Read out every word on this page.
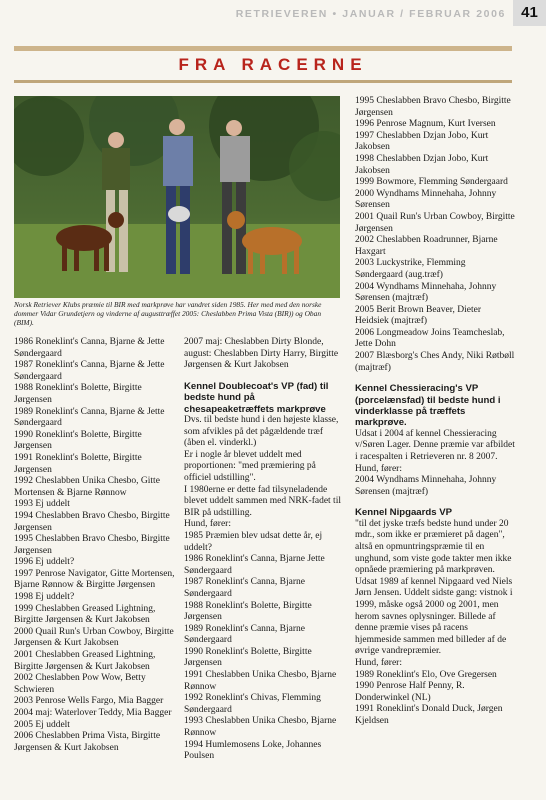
RETRIEVEREN • JANUAR / FEBRUAR 2006	41
FRA RACERNE
Norsk Retriever Klubs præmie til BIR med markprøve har vandret siden 1985. Her med med den norske dommer Vidar Grundetjern og vinderne af augusttræffet 2005: Cheslabben Prima Vista (BIR)) og Oban (BIM).

1986 Roneklint's Canna, Bjarne & Jette Søndergaard

1987 Roneklint's Canna, Bjarne & Jette Søndergaard

1988 Roneklint's Bolette, Birgitte Jørgensen

1989 Roneklint's Canna, Bjarne & Jette Søndergaard

1990 Roneklint's Bolette, Birgitte Jørgensen

1991 Roneklint's Bolette, Birgitte Jørgensen

1992 Cheslabben Unika Chesbo, Gitte Mortensen & Bjarne Rønnow

1993 Ej uddelt

1994 Cheslabben Bravo Chesbo, Birgitte Jørgensen

1995 Cheslabben Bravo Chesbo, Birgitte Jørgensen

1996 Ej uddelt?

1997 Penrose Navigator, Gitte Mortensen, Bjarne Rønnow & Birgitte Jørgensen

1998 Ej uddelt?

1999 Cheslabben Greased Lightning, Birgitte Jørgensen & Kurt Jakobsen

2000 Quail Run's Urban Cowboy, Birgitte Jørgensen & Kurt Jakobsen

2001 Cheslabben Greased Lightning, Birgitte Jørgensen & Kurt Jakobsen

2002 Cheslabben Pow Wow, Betty Schwieren

2003 Penrose Wells Fargo, Mia Bagger

2004 maj: Waterlover Teddy, Mia Bagger

2005 Ej uddelt

2006 Cheslabben Prima Vista, Birgitte Jørgensen & Kurt Jakobsen

2007 maj: Cheslabben Dirty Blonde, august: Cheslabben Dirty Harry, Birgitte Jørgensen & Kurt Jakobsen

Kennel Doublecoat's VP (fad) til bedste hund på chesapeaketræffets markprøve

Dvs. til bedste hund i den højeste klasse, som afvikles på det pågældende træf (åben el. vinderkl.)

Er i nogle år blevet uddelt med proportionen: "med præmiering på officiel udstilling".

I 1980erne er dette fad tilsyneladende blevet uddelt sammen med NRK-fadet til BIR på udstilling.

Hund, fører:

1985 Præmien blev udsat dette år, ej uddelt?

1986 Roneklint's Canna, Bjarne Jette Søndergaard

1987 Roneklint's Canna, Bjarne Søndergaard

1988 Roneklint's Bolette, Birgitte Jørgensen

1989 Roneklint's Canna, Bjarne Søndergaard

1990 Roneklint's Bolette, Birgitte Jørgensen

1991 Cheslabben Unika Chesbo, Bjarne Rønnow

1992 Roneklint's Chivas, Flemming Søndergaard

1993 Cheslabben Unika Chesbo, Bjarne Rønnow

1994 Humlemosens Loke, Johannes Poulsen

1995 Cheslabben Bravo Chesbo, Birgitte Jørgensen

1996 Penrose Magnum, Kurt Iversen

1997 Cheslabben Dzjan Jobo, Kurt Jakobsen

1998 Cheslabben Dzjan Jobo, Kurt Jakobsen

1999 Bowmore, Flemming Søndergaard

2000 Wyndhams Minnehaha, Johnny Sørensen

2001 Quail Run's Urban Cowboy, Birgitte Jørgensen

2002 Cheslabben Roadrunner, Bjarne Haxgart

2003 Luckystrike, Flemming Søndergaard (aug.træf)

2004 Wyndhams Minnehaha, Johnny Sørensen (majtræf)

2005 Berit Brown Beaver, Dieter Heidsiek (majtræf)

2006 Longmeadow Joins Teamcheslab, Jette Dohn

2007 Blæsborg's Ches Andy, Niki Røtbøll (majtræf)

Kennel Chessieracing's VP (porcelænsfad) til bedste hund i vinderklasse på træffets markprøve.

Udsat i 2004 af kennel Chessieracing v/Søren Lager. Denne præmie var afbildet i racespalten i Retrieveren nr. 8 2007.

Hund, fører:

2004 Wyndhams Minnehaha, Johnny Sørensen (majtræf)

Kennel Nipgaards VP

"til det jyske træfs bedste hund under 20 mdr., som ikke er præmieret på dagen", altså en opmuntringspræmie til en unghund, som viste gode takter men ikke opnåede præmiering på markprøven. Udsat 1989 af kennel Nipgaard ved Niels Jørn Jensen. Uddelt sidste gang: vistnok i 1999, måske også 2000 og 2001, men herom savnes oplysninger. Billede af denne præmie vises på racens hjemmeside sammen med billeder af de øvrige vandrepræmier.

Hund, fører:

1989 Roneklint's Elo, Ove Gregersen

1990 Penrose Half Penny, R. Donderwinkel (NL)

1991 Roneklint's Donald Duck, Jørgen Kjeldsen
